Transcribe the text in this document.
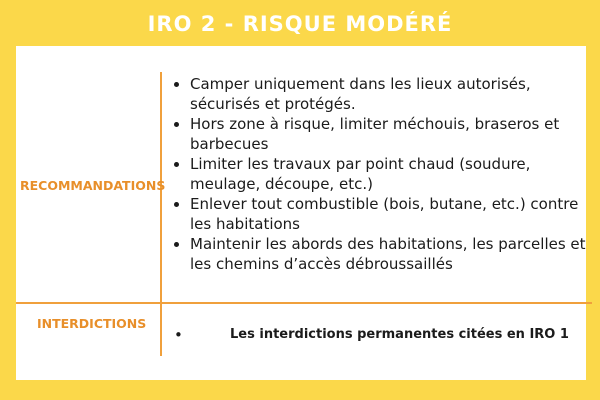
IRO 2 - RISQUE MODÉRÉ
RECOMMANDATIONS
• Camper uniquement dans les lieux autorisés, sécurisés et protégés.
• Hors zone à risque, limiter méchouis, braseros et barbecues
• Limiter les travaux par point chaud (soudure, meulage, découpe, etc.)
• Enlever tout combustible (bois, butane, etc.) contre les habitations
• Maintenir les abords des habitations, les parcelles et les chemins d’accès débroussaillés
INTERDICTIONS
•	Les interdictions permanentes citées en IRO 1
